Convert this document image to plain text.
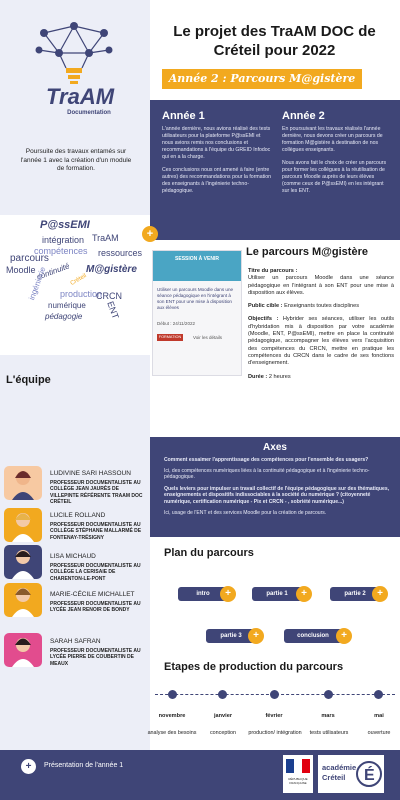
TraAM
Documentation
Poursuite des travaux entamés sur l'année 1 avec la création d'un module de formation.
Le projet des TraAM DOC de
Créteil pour 2022
Année 2 : Parcours M@gistère
Année 1
L'année dernière, nous avions réalisé des tests utilisateurs pour la plateforme P@ssEMI et nous avions remis nos conclusions et recommandations à l'équipe du GREID Infodoc qui en a la charge.
Ces conclusions nous ont amené à faire (entre autres) des recommandations pour la formation des enseignants à l'ingénierie techno-pédagogique.
Année 2
En poursuivant les travaux réalisés l'année dernière, nous devons créer un parcours de formation M@gistère à destination de nos collègues enseignants.
Nous avons fait le choix de créer un parcours pour former les collègues à la réutilisation de parcours Moodle auprès de leurs élèves (comme ceux de P@ssEMI) en les intégrant sur les ENT.
P@ssEMI
intégration TraAM
compétences
parcours
continuité
ressources
Moodle
ingénierie	M@gistère
Créteil
production
CRCN
numérique
pédagogie	ENT
+
Le parcours M@gistère
SESSION À VENIR
Utiliser un parcours Moodle dans une séance pédagogique en l'intégrant à son ENT pour une mise à disposition aux élèves
Début : 24/11/2022
FORMATION	Voir les détails
Titre du parcours :
Utiliser un parcours Moodle dans une séance pédagogique en l'intégrant à son ENT pour une mise à disposition aux élèves.
Public cible : Enseignants toutes disciplines
Objectifs : Hybrider ses séances, utiliser les outils d'hybridation mis à disposition par votre académie (Moodle, ENT, P@ssEMI), mettre en place la continuité pédagogique, accompagner les élèves vers l'acquisition des compétences du CRCN, mettre en pratique les compétences du CRCN dans le cadre de ses fonctions d'enseignement.
Durée : 2 heures
L'équipe
LUDIVINE SARI HASSOUN
PROFESSEUR DOCUMENTALISTE AU COLLÈGE JEAN JAURÈS DE VILLEPINTE RÉFÉRENTE TRAAM DOC CRÉTEIL
LUCILE ROLLAND
PROFESSEUR DOCUMENTALISTE AU COLLÈGE STÉPHANE MALLARMÉ DE FONTENAY-TRÉSIGNY
LISA MICHAUD
PROFESSEUR DOCUMENTALISTE AU COLLÈGE LA CERISAIE DE CHARENTON-LE-PONT
MARIE-CÉCILE MICHALLET
PROFESSEUR DOCUMENTALISTE AU LYCÉE JEAN RENOIR DE BONDY
SARAH SAFRAN
PROFESSEUR DOCUMENTALISTE AU LYCÉE PIERRE DE COUBERTIN DE MEAUX
Axes
Comment essaimer l'apprentissage des compétences pour l'ensemble des usagers?
Ici, des compétences numériques liées à la continuité pédagogique et à l'ingénierie techno-pédagogique.
Quels leviers pour impulser un travail collectif de l'équipe pédagogique sur des thématiques, enseignements et dispositifs indissociables à la société du numérique ? (citoyenneté numérique, certification numérique - Pix et CRCN - , sobriété numérique...)
Ici, usage de l'ENT et des services Moodle pour la création de parcours.
Plan du parcours
intro	+	partie 1	+	partie 2	+
partie 3	+	conclusion	+
Etapes de production du parcours
novembre	janvier	février	mars	mai
analyse des besoins	conception	production/ intégration	tests utilisateurs	ouverture
+	Présentation de l'année 1
RÉPUBLIQUE FRANÇAISE
académie
Créteil É
